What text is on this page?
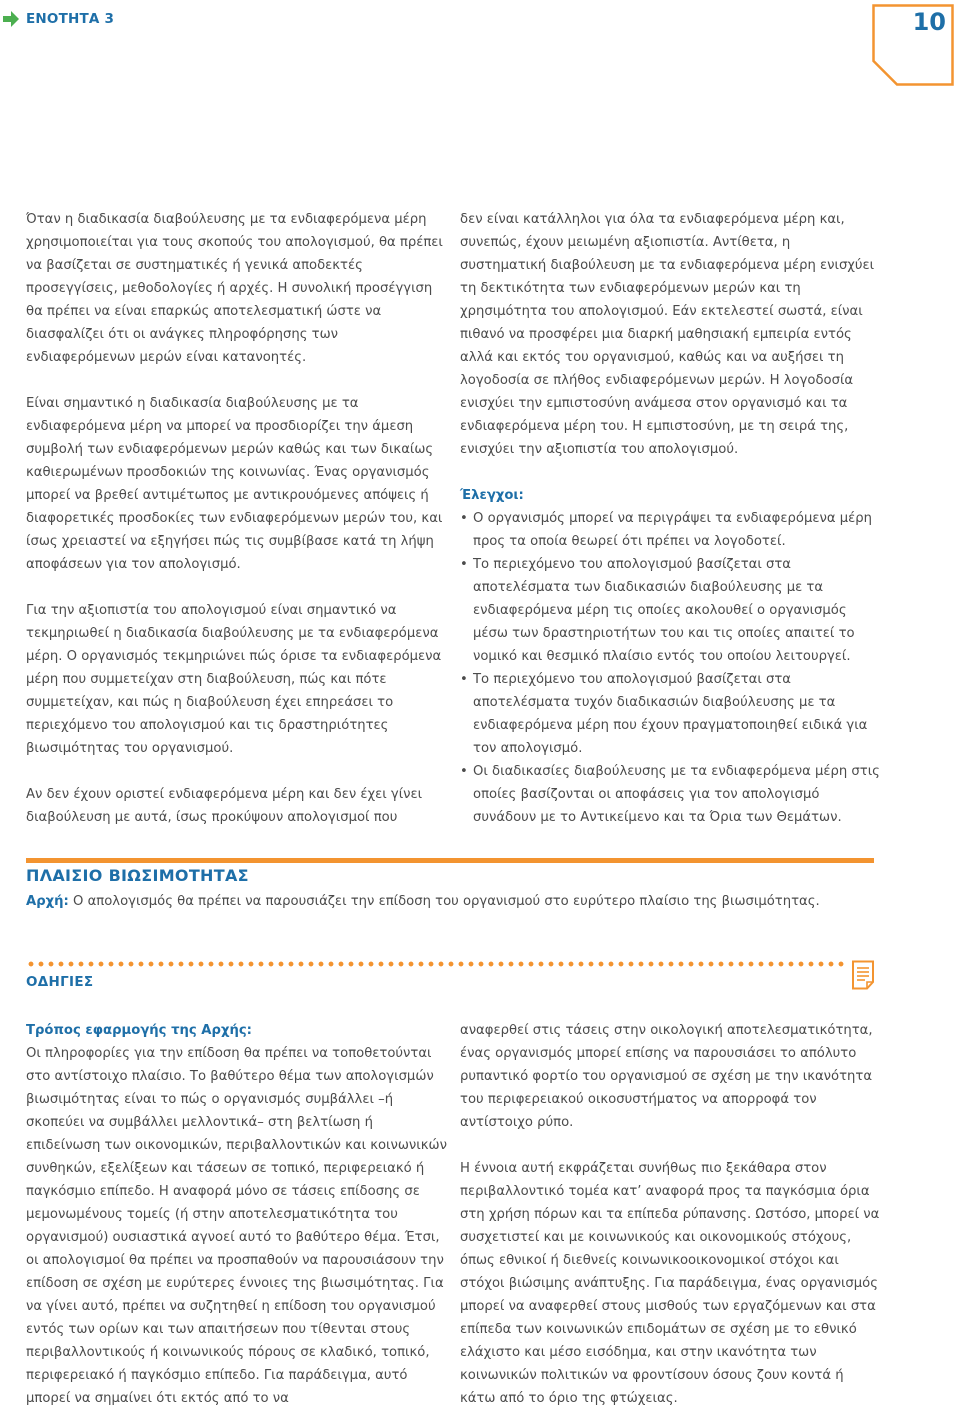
ΕΝΟΤΗΤΑ 3	10

Όταν η διαδικασία διαβούλευσης με τα ενδιαφερόμενα μέρη χρησιμοποιείται για τους σκοπούς του απολογισμού, θα πρέπει να βασίζεται σε συστηματικές ή γενικά αποδεκτές προσεγγίσεις, μεθοδολογίες ή αρχές. Η συνολική προσέγγιση θα πρέπει να είναι επαρκώς αποτελεσματική ώστε να διασφαλίζει ότι οι ανάγκες πληροφόρησης των ενδιαφερόμενων μερών είναι κατανοητές.

Είναι σημαντικό η διαδικασία διαβούλευσης με τα ενδιαφερόμενα μέρη να μπορεί να προσδιορίζει την άμεση συμβολή των ενδιαφερόμενων μερών καθώς και των δικαίως καθιερωμένων προσδοκιών της κοινωνίας. Ένας οργανισμός μπορεί να βρεθεί αντιμέτωπος με αντικρουόμενες απόψεις ή διαφορετικές προσδοκίες των ενδιαφερόμενων μερών του, και ίσως χρειαστεί να εξηγήσει πώς τις συμβίβασε κατά τη λήψη αποφάσεων για τον απολογισμό.

Για την αξιοπιστία του απολογισμού είναι σημαντικό να τεκμηριωθεί η διαδικασία διαβούλευσης με τα ενδιαφερόμενα μέρη. Ο οργανισμός τεκμηριώνει πώς όρισε τα ενδιαφερόμενα μέρη που συμμετείχαν στη διαβούλευση, πώς και πότε συμμετείχαν, και πώς η διαβούλευση έχει επηρεάσει το περιεχόμενο του απολογισμού και τις δραστηριότητες βιωσιμότητας του οργανισμού.

Αν δεν έχουν οριστεί ενδιαφερόμενα μέρη και δεν έχει γίνει διαβούλευση με αυτά, ίσως προκύψουν απολογισμοί που

δεν είναι κατάλληλοι για όλα τα ενδιαφερόμενα μέρη και, συνεπώς, έχουν μειωμένη αξιοπιστία. Αντίθετα, η συστηματική διαβούλευση με τα ενδιαφερόμενα μέρη ενισχύει τη δεκτικότητα των ενδιαφερόμενων μερών και τη χρησιμότητα του απολογισμού. Εάν εκτελεστεί σωστά, είναι πιθανό να προσφέρει μια διαρκή μαθησιακή εμπειρία εντός αλλά και εκτός του οργανισμού, καθώς και να αυξήσει τη λογοδοσία σε πλήθος ενδιαφερόμενων μερών. Η λογοδοσία ενισχύει την εμπιστοσύνη ανάμεσα στον οργανισμό και τα ενδιαφερόμενα μέρη του. Η εμπιστοσύνη, με τη σειρά της, ενισχύει την αξιοπιστία του απολογισμού.

Έλεγχοι:

• Ο οργανισμός μπορεί να περιγράψει τα ενδιαφερόμενα μέρη προς τα οποία θεωρεί ότι πρέπει να λογοδοτεί.
• Το περιεχόμενο του απολογισμού βασίζεται στα αποτελέσματα των διαδικασιών διαβούλευσης με τα ενδιαφερόμενα μέρη τις οποίες ακολουθεί ο οργανισμός μέσω των δραστηριοτήτων του και τις οποίες απαιτεί το νομικό και θεσμικό πλαίσιο εντός του οποίου λειτουργεί.
• Το περιεχόμενο του απολογισμού βασίζεται στα αποτελέσματα τυχόν διαδικασιών διαβούλευσης με τα ενδιαφερόμενα μέρη που έχουν πραγματοποιηθεί ειδικά για τον απολογισμό.
• Οι διαδικασίες διαβούλευσης με τα ενδιαφερόμενα μέρη στις οποίες βασίζονται οι αποφάσεις για τον απολογισμό συνάδουν με το Αντικείμενο και τα Όρια των Θεμάτων.
ΠΛΑΙΣΙΟ ΒΙΩΣΙΜΟΤΗΤΑΣ
Αρχή: Ο απολογισμός θα πρέπει να παρουσιάζει την επίδοση του οργανισμού στο ευρύτερο πλαίσιο της βιωσιμότητας.
ΟΔΗΓΙΕΣ

Τρόπος εφαρμογής της Αρχής:

Οι πληροφορίες για την επίδοση θα πρέπει να τοποθετούνται στο αντίστοιχο πλαίσιο. Το βαθύτερο θέμα των απολογισμών βιωσιμότητας είναι το πώς ο οργανισμός συμβάλλει –ή σκοπεύει να συμβάλλει μελλοντικά– στη βελτίωση ή επιδείνωση των οικονομικών, περιβαλλοντικών και κοινωνικών συνθηκών, εξελίξεων και τάσεων σε τοπικό, περιφερειακό ή παγκόσμιο επίπεδο. Η αναφορά μόνο σε τάσεις επίδοσης σε μεμονωμένους τομείς (ή στην αποτελεσματικότητα του οργανισμού) ουσιαστικά αγνοεί αυτό το βαθύτερο θέμα. Έτσι, οι απολογισμοί θα πρέπει να προσπαθούν να παρουσιάσουν την επίδοση σε σχέση με ευρύτερες έννοιες της βιωσιμότητας. Για να γίνει αυτό, πρέπει να συζητηθεί η επίδοση του οργανισμού εντός των ορίων και των απαιτήσεων που τίθενται στους περιβαλλοντικούς ή κοινωνικούς πόρους σε κλαδικό, τοπικό, περιφερειακό ή παγκόσμιο επίπεδο. Για παράδειγμα, αυτό μπορεί να σημαίνει ότι εκτός από το να

αναφερθεί στις τάσεις στην οικολογική αποτελεσματικότητα, ένας οργανισμός μπορεί επίσης να παρουσιάσει το απόλυτο ρυπαντικό φορτίο του οργανισμού σε σχέση με την ικανότητα του περιφερειακού οικοσυστήματος να απορροφά τον αντίστοιχο ρύπο.

Η έννοια αυτή εκφράζεται συνήθως πιο ξεκάθαρα στον περιβαλλοντικό τομέα κατ’ αναφορά προς τα παγκόσμια όρια στη χρήση πόρων και τα επίπεδα ρύπανσης. Ωστόσο, μπορεί να συσχετιστεί και με κοινωνικούς και οικονομικούς στόχους, όπως εθνικοί ή διεθνείς κοινωνικοοικονομικοί στόχοι και στόχοι βιώσιμης ανάπτυξης. Για παράδειγμα, ένας οργανισμός μπορεί να αναφερθεί στους μισθούς των εργαζόμενων και στα επίπεδα των κοινωνικών επιδομάτων σε σχέση με το εθνικό ελάχιστο και μέσο εισόδημα, και στην ικανότητα των κοινωνικών πολιτικών να φροντίσουν όσους ζουν κοντά ή κάτω από το όριο της φτώχειας.
